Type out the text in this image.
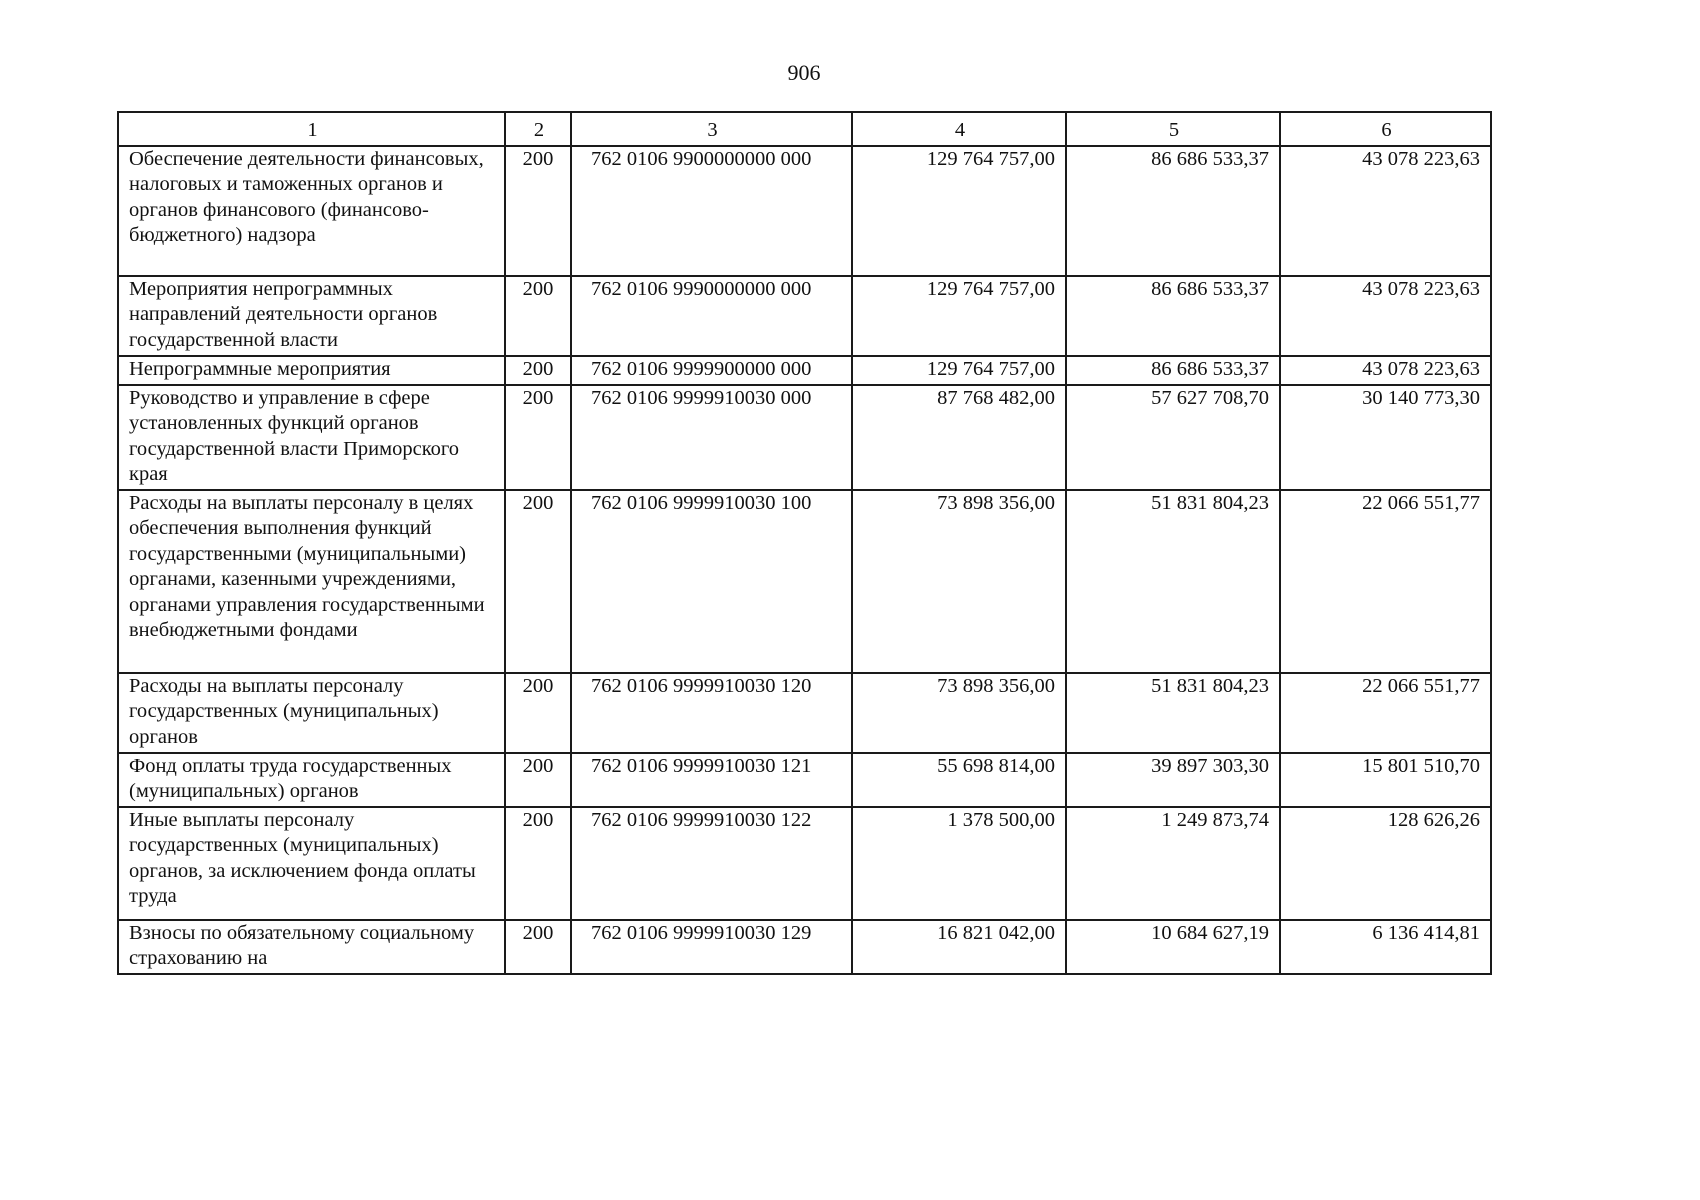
906
1	2	3	4	5	6
Обеспечение деятельности финансовых, налоговых и таможенных органов и органов финансового (финансово-бюджетного) надзора	200	762 0106 9900000000 000	129 764 757,00	86 686 533,37	43 078 223,63
Мероприятия непрограммных направлений деятельности органов государственной власти	200	762 0106 9990000000 000	129 764 757,00	86 686 533,37	43 078 223,63
Непрограммные мероприятия	200	762 0106 9999900000 000	129 764 757,00	86 686 533,37	43 078 223,63
Руководство и управление в сфере установленных функций органов государственной власти Приморского края	200	762 0106 9999910030 000	87 768 482,00	57 627 708,70	30 140 773,30
Расходы на выплаты персоналу в целях обеспечения выполнения функций государственными (муниципальными) органами, казенными учреждениями, органами управления государственными внебюджетными фондами	200	762 0106 9999910030 100	73 898 356,00	51 831 804,23	22 066 551,77
Расходы на выплаты персоналу государственных (муниципальных) органов	200	762 0106 9999910030 120	73 898 356,00	51 831 804,23	22 066 551,77
Фонд оплаты труда государственных (муниципальных) органов	200	762 0106 9999910030 121	55 698 814,00	39 897 303,30	15 801 510,70
Иные выплаты персоналу государственных (муниципальных) органов, за исключением фонда оплаты труда	200	762 0106 9999910030 122	1 378 500,00	1 249 873,74	128 626,26
Взносы по обязательному социальному страхованию на	200	762 0106 9999910030 129	16 821 042,00	10 684 627,19	6 136 414,81
